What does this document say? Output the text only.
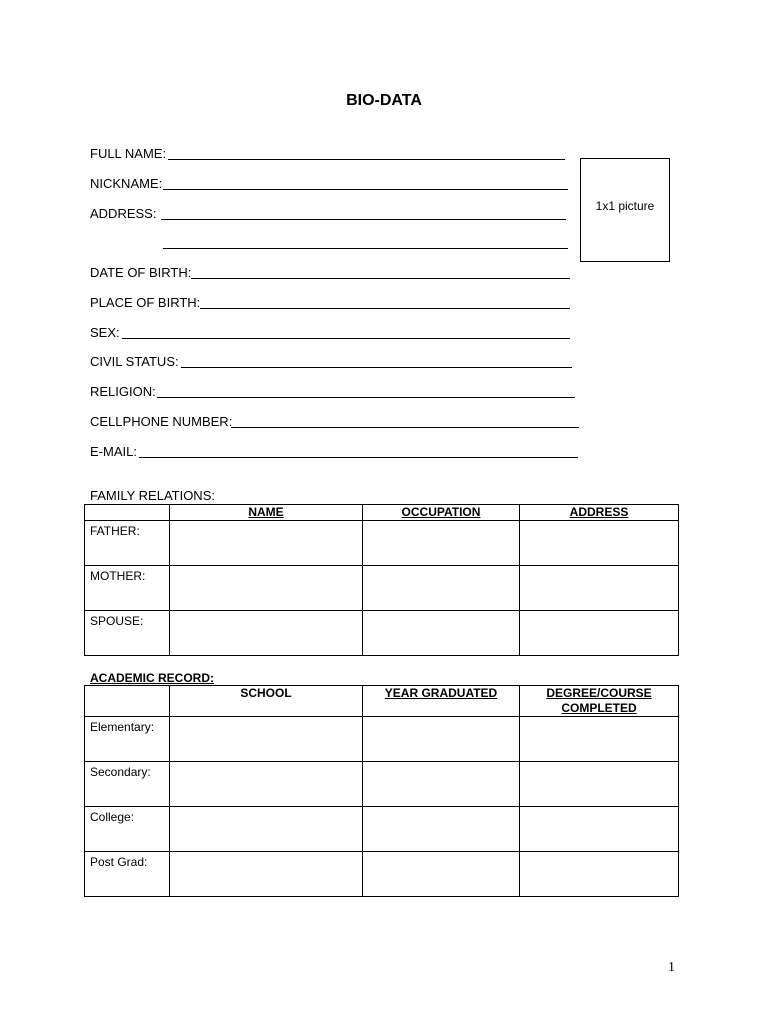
BIO-DATA
FULL NAME:
NICKNAME:
ADDRESS:	1x1 picture
DATE OF BIRTH:
PLACE OF BIRTH:
SEX:
CIVIL STATUS:
RELIGION:
CELLPHONE NUMBER:
E-MAIL:
FAMILY RELATIONS:
	NAME	OCCUPATION	ADDRESS
FATHER:			
MOTHER:			
SPOUSE:			
ACADEMIC RECORD:
	SCHOOL	YEAR GRADUATED	DEGREE/COURSE COMPLETED
Elementary:			
Secondary:			
College:			
Post Grad:			
1
